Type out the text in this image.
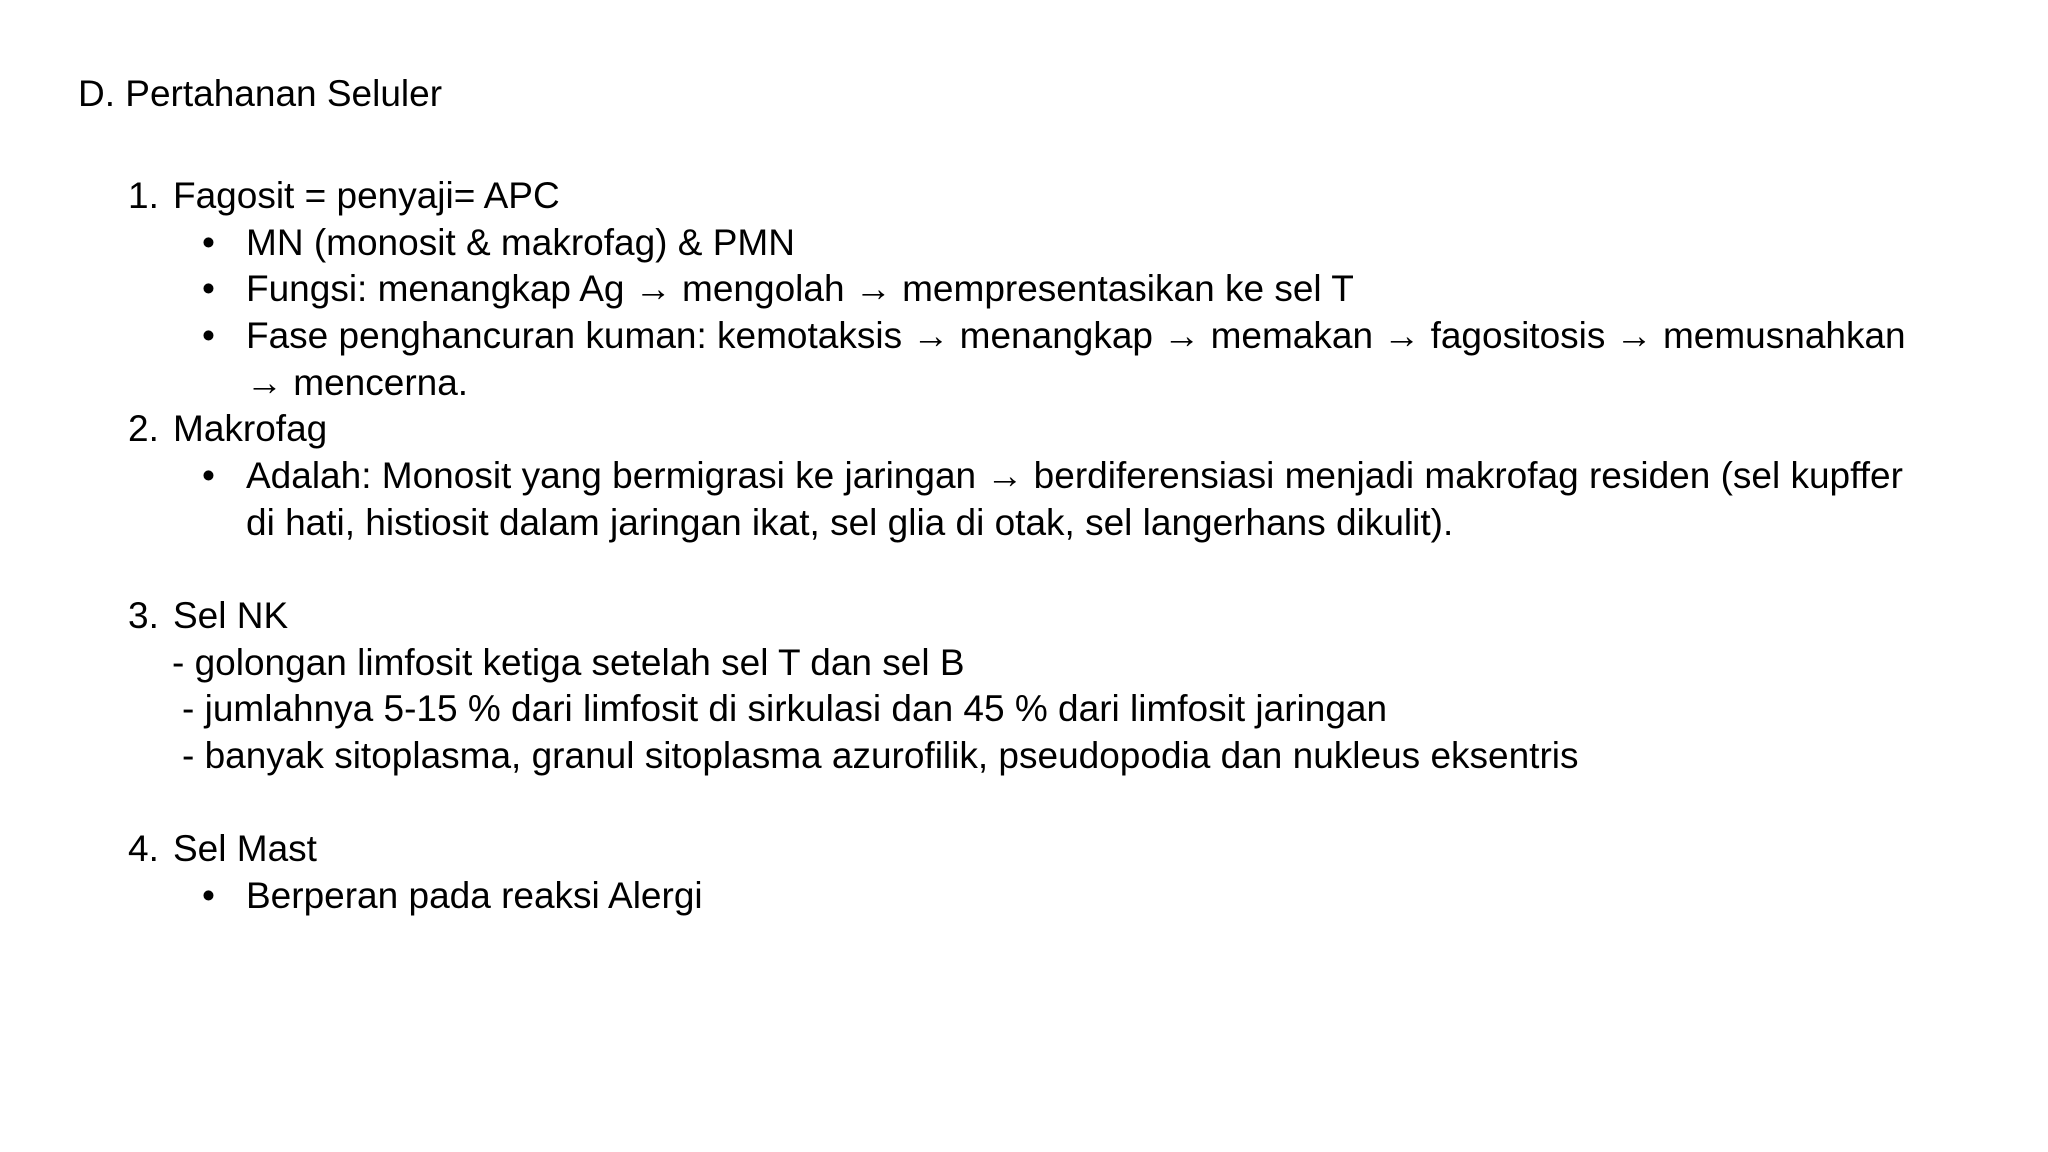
D. Pertahanan Seluler
1. Fagosit = penyaji= APC
• MN (monosit & makrofag) & PMN
• Fungsi: menangkap Ag → mengolah → mempresentasikan ke sel T
• Fase penghancuran kuman: kemotaksis → menangkap → memakan → fagositosis → memusnahkan
→ mencerna.
2. Makrofag
• Adalah: Monosit yang bermigrasi ke jaringan → berdiferensiasi menjadi makrofag residen (sel kupffer
di hati, histiosit dalam jaringan ikat, sel glia di otak, sel langerhans dikulit).
3. Sel NK
- golongan limfosit ketiga setelah sel T dan sel B
- jumlahnya 5-15 % dari limfosit di sirkulasi dan 45 % dari limfosit jaringan
- banyak sitoplasma, granul sitoplasma azurofilik, pseudopodia dan nukleus eksentris
4. Sel Mast
• Berperan pada reaksi Alergi
